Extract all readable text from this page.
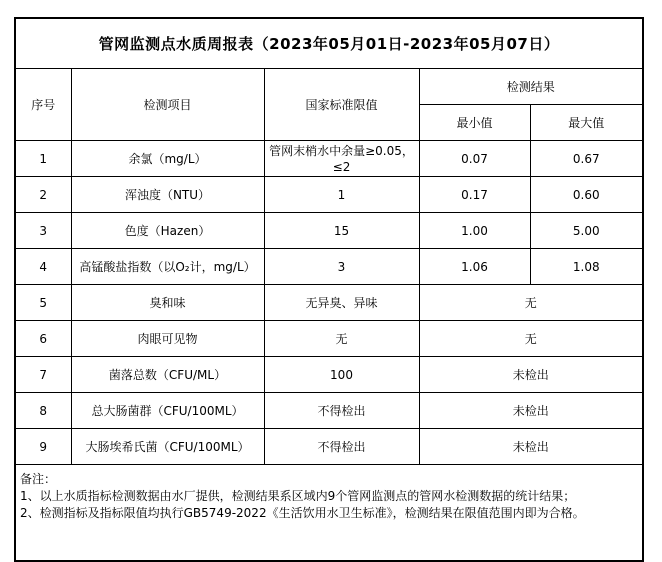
管网监测点水质周报表（2023年05月01日-2023年05月07日）				
序号	检测项目	国家标准限值	检测结果	
			最小值	最大值
1	余氯（mg/L）	管网末梢水中余量≥0.05，≤2	0.07	0.67
2	浑浊度（NTU）	1	0.17	0.60
3	色度（Hazen）	15	1.00	5.00
4	高锰酸盐指数（以O₂计，mg/L）	3	1.06	1.08
5	臭和味	无异臭、异味	无	
6	肉眼可见物	无	无	
7	菌落总数（CFU/ML）	100	未检出	
8	总大肠菌群（CFU/100ML）	不得检出	未检出	
9	大肠埃希氏菌（CFU/100ML）	不得检出	未检出	

备注：
1、以上水质指标检测数据由水厂提供，检测结果系区域内9个管网监测点的管网水检测数据的统计结果；
2、检测指标及指标限值均执行GB5749-2022《生活饮用水卫生标准》，检测结果在限值范围内即为合格。				
